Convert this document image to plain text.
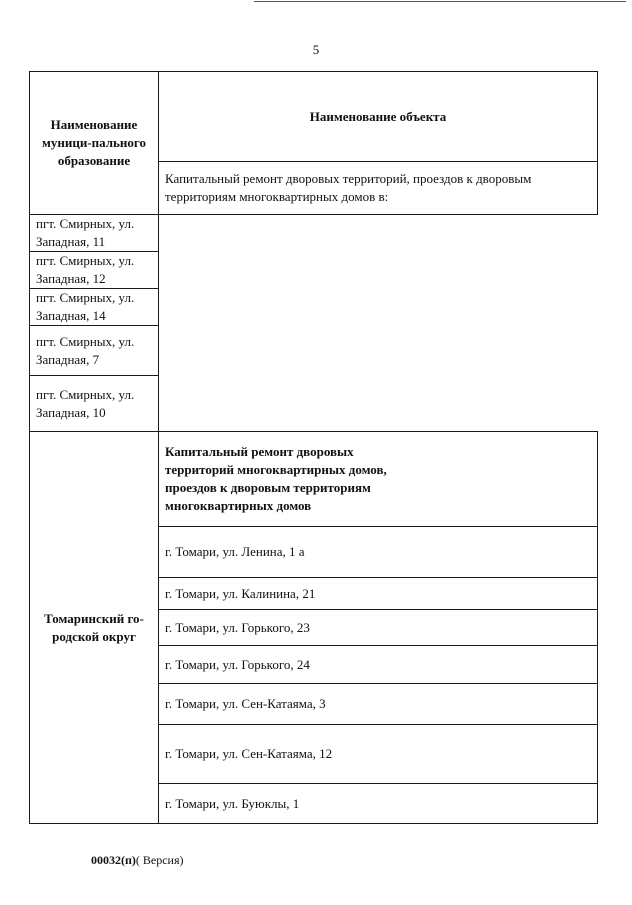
5
Наименование муници-пального образование	Наименование объекта
	Капитальный ремонт дворовых территорий, проездов к дворовым территориям многоквартирных домов в:
пгт. Смирных, ул. Западная, 11	
пгт. Смирных, ул. Западная, 12	
пгт. Смирных, ул. Западная, 14	
пгт. Смирных, ул. Западная, 7	
пгт. Смирных, ул. Западная, 10	
Томаринский го-родской округ	Капитальный ремонт дворовых территорий многоквартирных домов, проездов к дворовым территориям многоквартирных домов
	г. Томари, ул. Ленина, 1 а
	г. Томари, ул. Калинина, 21
	г. Томари, ул. Горького, 23
	г. Томари, ул. Горького, 24
	г. Томари, ул. Сен-Катаяма, 3
	г. Томари, ул. Сен-Катаяма, 12
	г. Томари, ул. Буюклы, 1
00032(п)( Версия)
